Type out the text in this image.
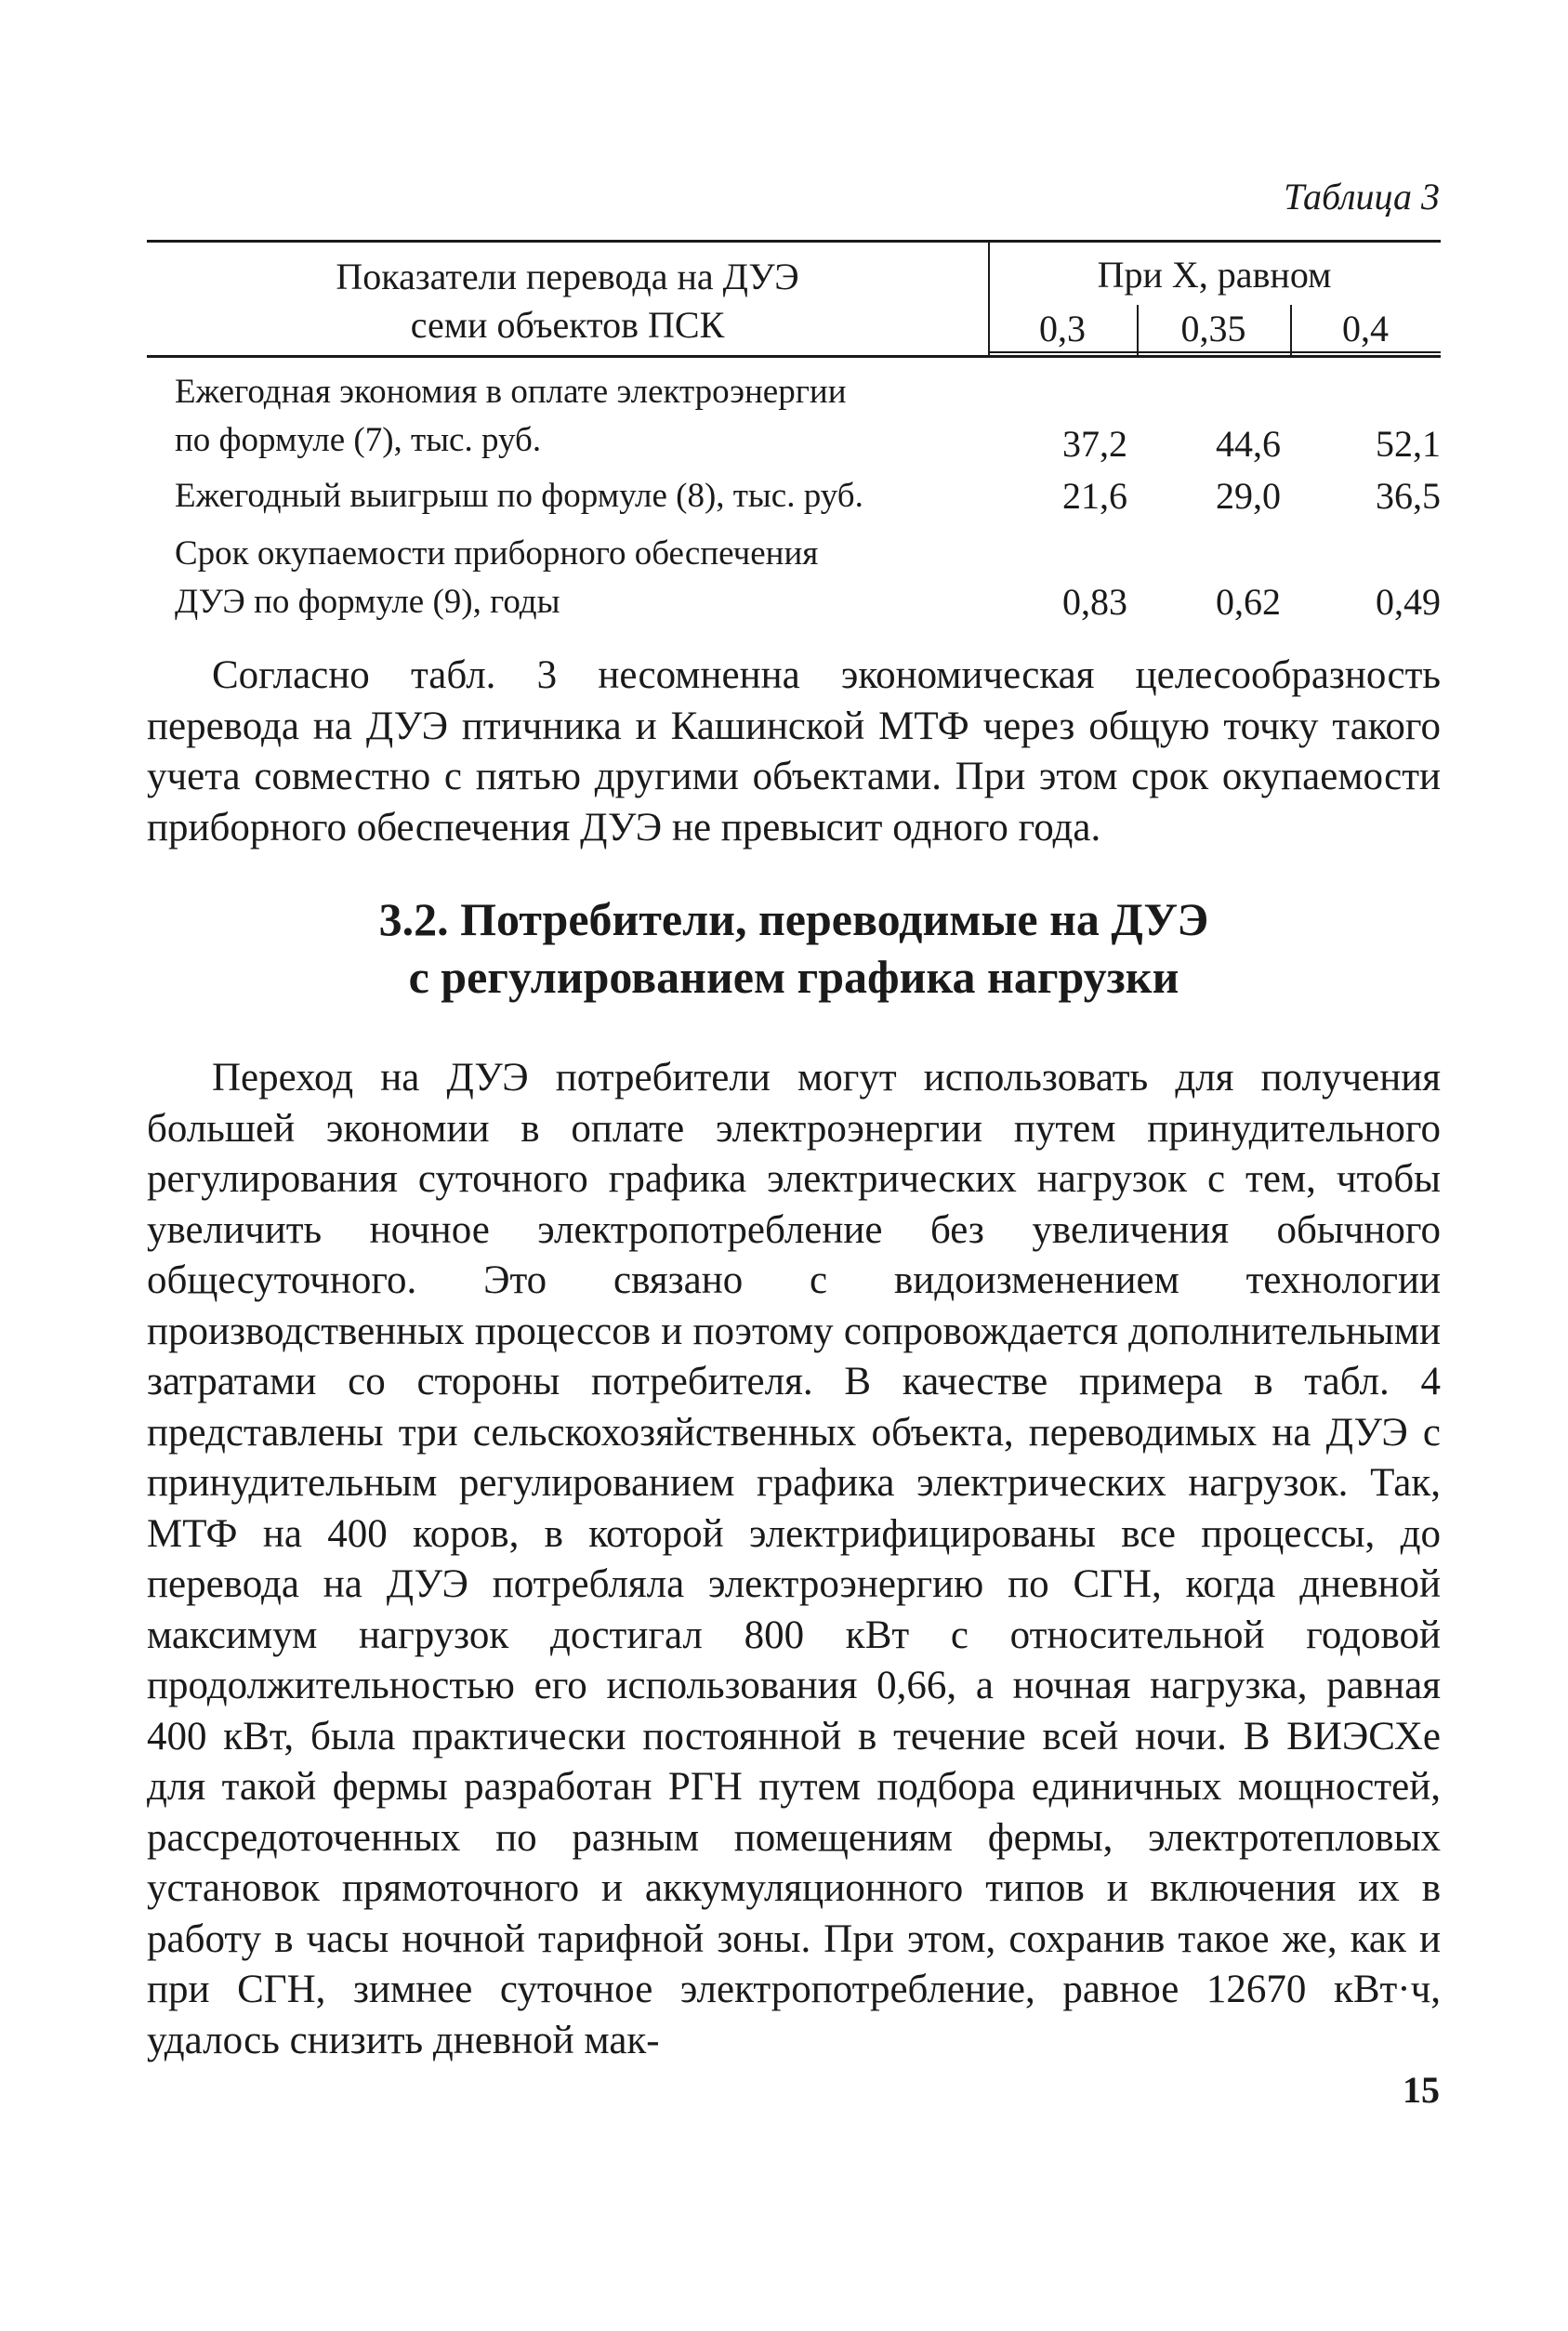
Таблица 3
Показатели перевода на ДУЭ
семи объектов ПСК
При X, равном
0,3	0,35	0,4
Ежегодная экономия в оплате электроэнергии
по формуле (7), тыс. руб.	37,2	44,6	52,1
Ежегодный выигрыш по формуле (8), тыс. руб.	21,6	29,0	36,5
Срок окупаемости приборного обеспечения
ДУЭ по формуле (9), годы	0,83	0,62	0,49

Согласно табл. 3 несомненна экономическая целесообразность перевода на ДУЭ птичника и Кашинской МТФ через общую точку такого учета совместно с пятью другими объектами. При этом срок окупаемости приборного обеспечения ДУЭ не превысит одного года.

3.2. Потребители, переводимые на ДУЭ
с регулированием графика нагрузки

Переход на ДУЭ потребители могут использовать для получения большей экономии в оплате электроэнергии путем принудительного регулирования суточного графика электрических нагрузок с тем, чтобы увеличить ночное электропотребление без увеличения обычного общесуточного. Это связано с видоизменением технологии производственных процессов и поэтому сопровождается дополнительными затратами со стороны потребителя. В качестве примера в табл. 4 представлены три сельскохозяйственных объекта, переводимых на ДУЭ с принудительным регулированием графика электрических нагрузок. Так, МТФ на 400 коров, в которой электрифицированы все процессы, до перевода на ДУЭ потребляла электроэнергию по СГН, когда дневной максимум нагрузок достигал 800 кВт с относительной годовой продолжительностью его использования 0,66, а ночная нагрузка, равная 400 кВт, была практически постоянной в течение всей ночи. В ВИЭСХе для такой фермы разработан РГН путем подбора единичных мощностей, рассредоточенных по разным помещениям фермы, электротепловых установок прямоточного и аккумуляционного типов и включения их в работу в часы ночной тарифной зоны. При этом, сохранив такое же, как и при СГН, зимнее суточное электропотребление, равное 12670 кВт·ч, удалось снизить дневной мак-

15
